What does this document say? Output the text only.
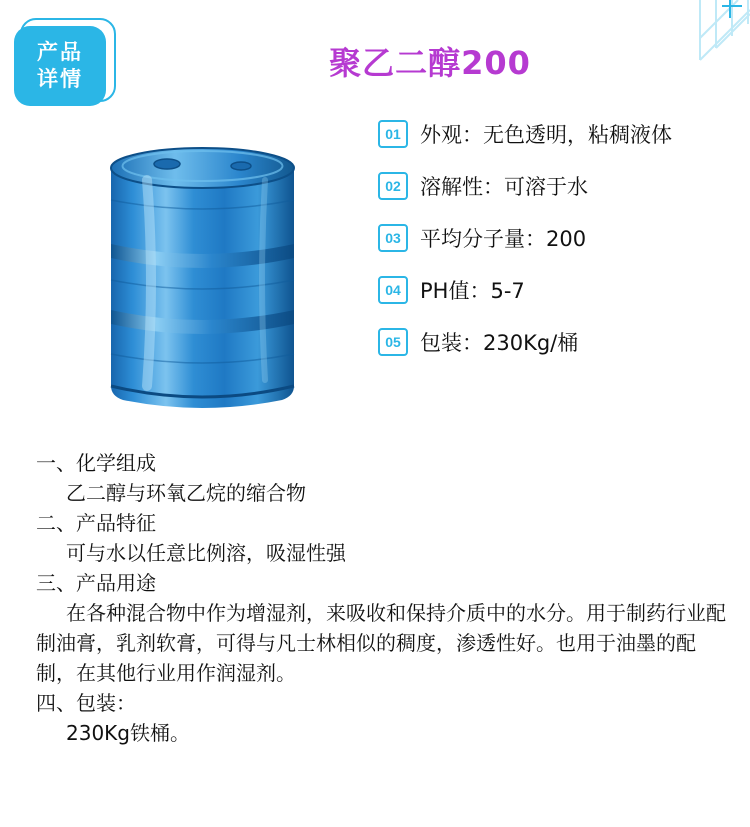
产品
详情	聚乙二醇200
01 外观：无色透明，粘稠液体
02 溶解性：可溶于水
03 平均分子量：200
04 PH值：5-7
05 包装：230Kg/桶

一、化学组成

乙二醇与环氧乙烷的缩合物

二、产品特征

可与水以任意比例溶，吸湿性强

三、产品用途

在各种混合物中作为增湿剂，来吸收和保持介质中的水分。用于制药行业配制油膏，乳剂软膏，可得与凡士林相似的稠度，渗透性好。也用于油墨的配制，在其他行业用作润湿剂。

四、包装：

230Kg铁桶。
